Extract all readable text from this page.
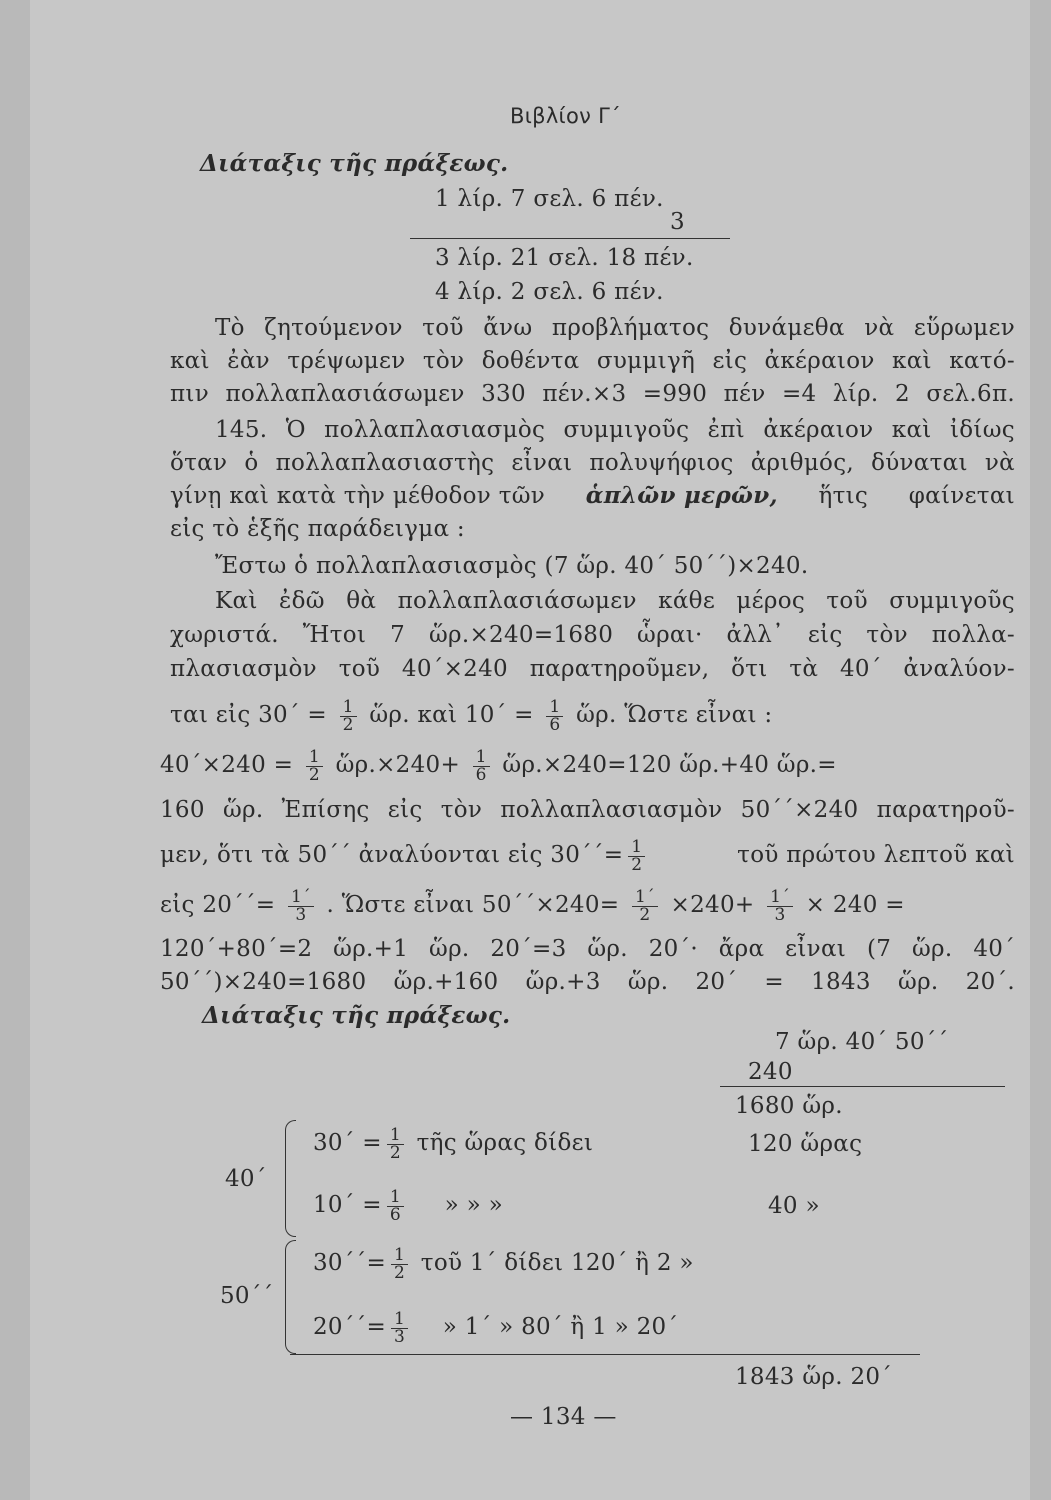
Βιβλίον Γ΄
Διάταξις τῆς πράξεως.
1 λίρ. 7 σελ. 6 πέν.
3
3 λίρ. 21 σελ. 18 πέν.
4 λίρ. 2 σελ. 6 πέν.
Τὸ ζητούμενον τοῦ ἄνω προβλήματος δυνάμεθα νὰ εὕρωμεν
καὶ ἐὰν τρέψωμεν τὸν δοθέντα συμμιγῆ εἰς ἀκέραιον καὶ κατό-
πιν πολλαπλασιάσωμεν 330 πέν.×3 =990 πέν =4 λίρ. 2 σελ.6π.
145. Ὁ πολλαπλασιασμὸς συμμιγοῦς ἐπὶ ἀκέραιον καὶ ἰδίως
ὅταν ὁ πολλαπλασιαστὴς εἶναι πολυψήφιος ἀριθμός, δύναται νὰ
γίνῃ καὶ κατὰ τὴν μέθοδον τῶν ἁπλῶν μερῶν, ἥτις φαίνεται
εἰς τὸ ἑξῆς παράδειγμα :
Ἔστω ὁ πολλαπλασιασμὸς (7 ὥρ. 40΄ 50΄΄)×240.
Καὶ ἐδῶ θὰ πολλαπλασιάσωμεν κάθε μέρος τοῦ συμμιγοῦς
χωριστά. Ἤτοι 7 ὥρ.×240=1680 ὧραι· ἀλλ᾽ εἰς τὸν πολλα-
πλασιασμὸν τοῦ 40΄×240 παρατηροῦμεν, ὅτι τὰ 40΄ ἀναλύον-
ται εἰς $30΄ = \frac{1}{2}$ ὥρ. καὶ $10΄ = \frac{1}{6}$ ὥρ. Ὥστε εἶναι :
$40΄\times 240 = \frac{1}{2}$ ὥρ.×240+ $\frac{1}{6}$ ὥρ.×240=120 ὥρ.+40 ὥρ.=
160 ὥρ. Ἐπίσης εἰς τὸν πολλαπλασιασμὸν 50΄΄×240 παρατηροῦ-
μεν, ὅτι τὰ 50΄΄ ἀναλύονται εἰς $30΄΄= \frac{1}{2}$	τοῦ πρώτου λεπτοῦ καὶ
εἰς $20΄΄= \frac{1΄}{3}$ . Ὥστε εἶναι $50΄΄\times 240= \frac{1΄}{2} \times 240+ \frac{1΄}{3} \times 240$ =
120΄+80΄=2 ὥρ.+1 ὥρ. 20΄=3 ὥρ. 20΄· ἄρα εἶναι (7 ὥρ. 40΄
50΄΄)×240=1680 ὥρ.+160 ὥρ.+3 ὥρ. 20΄ = 1843 ὥρ. 20΄.
Διάταξις τῆς πράξεως.
7 ὥρ. 40΄ 50΄΄
240
1680 ὥρ.
40΄
$30΄ = \frac{1}{2}$ τῆς ὥρας δίδει	120 ὥρας
$10΄ = \frac{1}{6}$ » » »	40 »
50΄΄
$30΄΄= \frac{1}{2}$ τοῦ 1΄ δίδει 120΄ ἢ 2 »
$20΄΄= \frac{1}{3}$ » 1΄ » 80΄ ἢ 1 » 20΄
1843 ὥρ. 20΄
— 134 —
